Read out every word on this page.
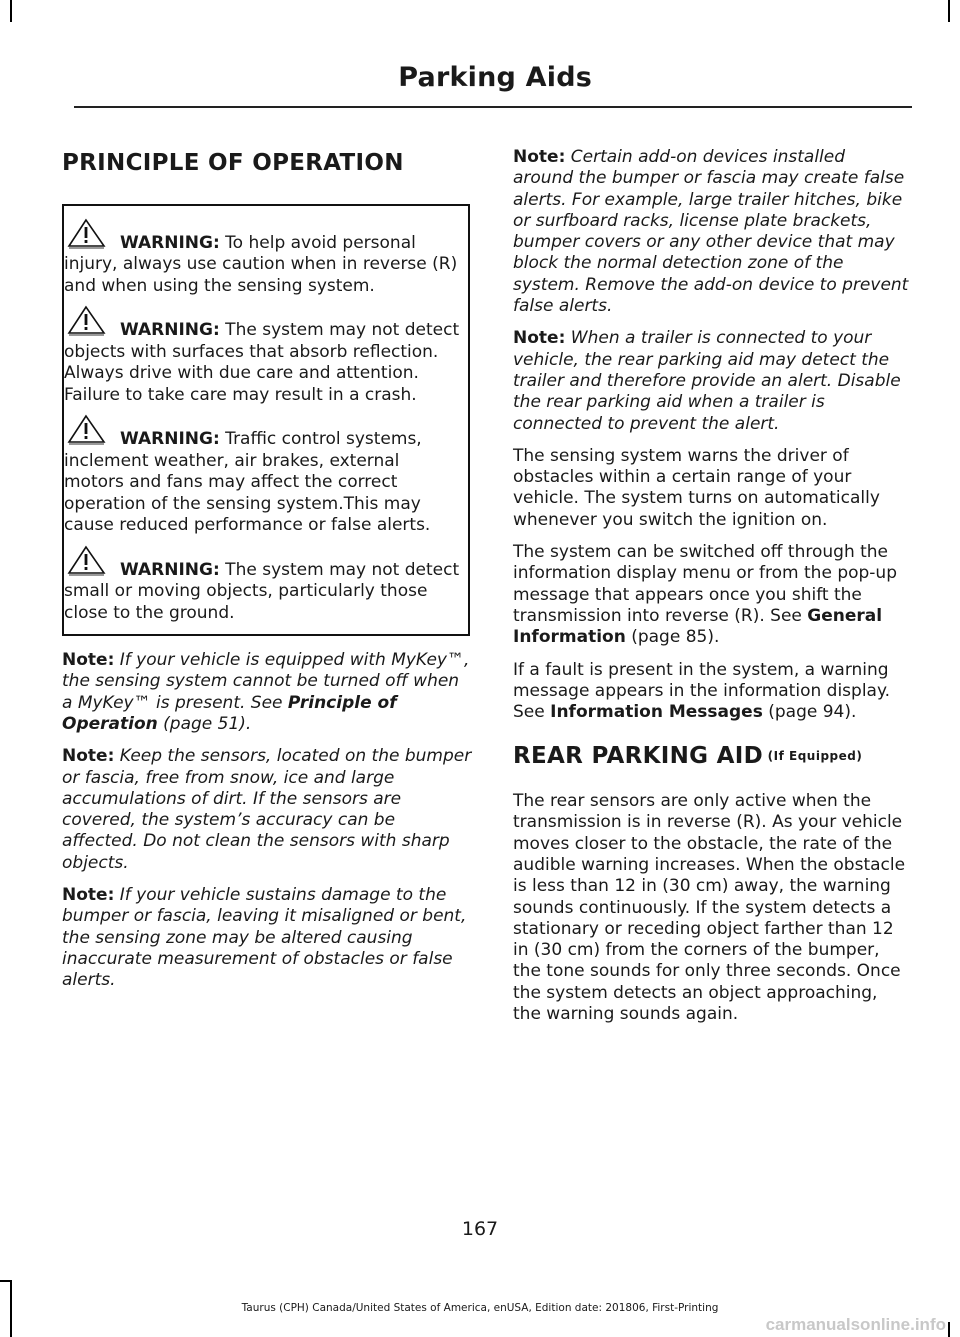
Parking Aids
PRINCIPLE OF OPERATION

WARNING: To help avoid personal injury, always use caution when in reverse (R) and when using the sensing system.

WARNING: The system may not detect objects with surfaces that absorb reflection. Always drive with due care and attention. Failure to take care may result in a crash.

WARNING: Traffic control systems, inclement weather, air brakes, external motors and fans may affect the correct operation of the sensing system.This may cause reduced performance or false alerts.

WARNING: The system may not detect small or moving objects, particularly those close to the ground.

Note: If your vehicle is equipped with MyKey™, the sensing system cannot be turned off when a MyKey™ is present. See Principle of Operation (page 51).

Note: Keep the sensors, located on the bumper or fascia, free from snow, ice and large accumulations of dirt. If the sensors are covered, the system’s accuracy can be affected. Do not clean the sensors with sharp objects.

Note: If your vehicle sustains damage to the bumper or fascia, leaving it misaligned or bent, the sensing zone may be altered causing inaccurate measurement of obstacles or false alerts.

Note: Certain add-on devices installed around the bumper or fascia may create false alerts. For example, large trailer hitches, bike or surfboard racks, license plate brackets, bumper covers or any other device that may block the normal detection zone of the system. Remove the add-on device to prevent false alerts.

Note: When a trailer is connected to your vehicle, the rear parking aid may detect the trailer and therefore provide an alert. Disable the rear parking aid when a trailer is connected to prevent the alert.

The sensing system warns the driver of obstacles within a certain range of your vehicle. The system turns on automatically whenever you switch the ignition on.

The system can be switched off through the information display menu or from the pop-up message that appears once you shift the transmission into reverse (R). See General Information (page 85).

If a fault is present in the system, a warning message appears in the information display. See Information Messages (page 94).

REAR PARKING AID (If Equipped)

The rear sensors are only active when the transmission is in reverse (R). As your vehicle moves closer to the obstacle, the rate of the audible warning increases. When the obstacle is less than 12 in (30 cm) away, the warning sounds continuously. If the system detects a stationary or receding object farther than 12 in (30 cm) from the corners of the bumper, the tone sounds for only three seconds. Once the system detects an object approaching, the warning sounds again.

167

Taurus (CPH) Canada/United States of America, enUSA, Edition date: 201806, First-Printing

carmanualsonline.info
